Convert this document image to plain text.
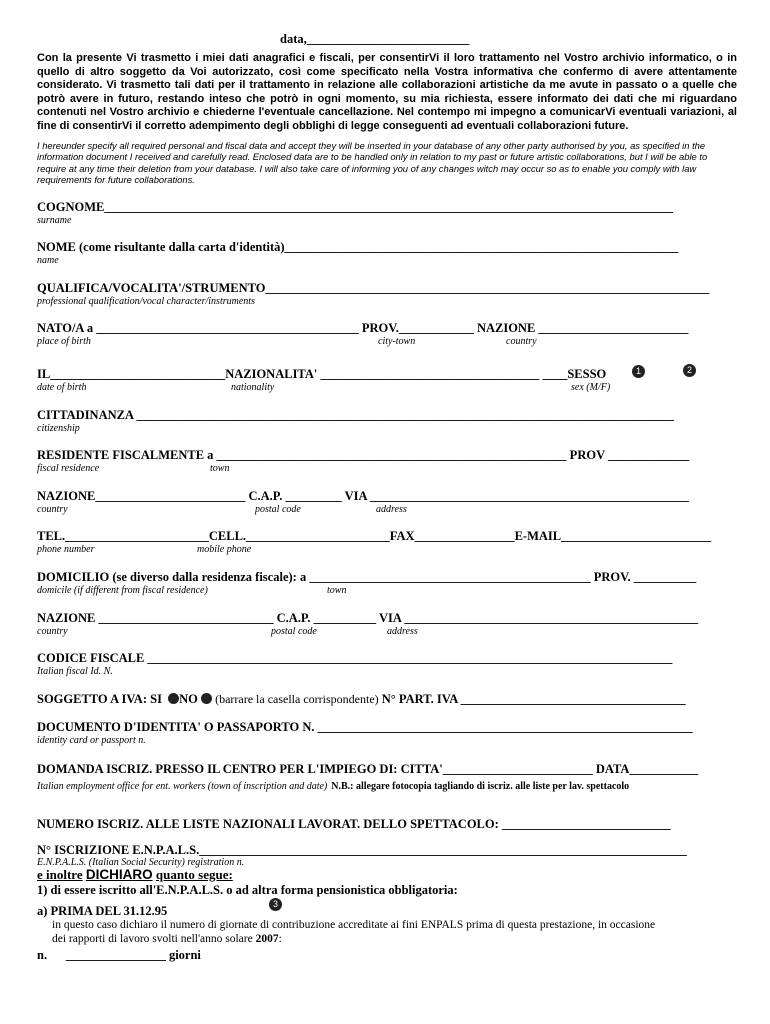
data,__________________________
Con la presente Vi trasmetto i miei dati anagrafici e fiscali, per consentirVi il loro trattamento nel Vostro archivio informatico, o in quello di altro soggetto da Voi autorizzato, così come specificato nella Vostra informativa che confermo di avere attentamente considerato. Vi trasmetto tali dati per il trattamento in relazione alle collaborazioni artistiche da me avute in passato o a quelle che potrò avere in futuro, restando inteso che potrò in ogni momento, su mia richiesta, essere informato dei dati che mi riguardano contenuti nel Vostro archivio e chiederne l'eventuale cancellazione. Nel contempo mi impegno a comunicarVi eventuali variazioni, al fine di consentirVi il corretto adempimento degli obblighi di legge conseguenti ad eventuali collaborazioni future.
I hereunder specify all required personal and fiscal data and accept they will be inserted in your database of any other party authorised by you, as specified in the information document I received and carefully read. Enclosed data are to be handled only in relation to my past or future artistic collaborations, but I will be able to require at any time their deletion from your database. I will also take care of informing you of any changes witch may occur so as to enable you comply with law requirements for future collaborations.
COGNOME___________________________________________________________________________________________
surname
NOME (come risultante dalla carta d'identità)_______________________________________________________________
name
QUALIFICA/VOCALITA'/STRUMENTO_______________________________________________________________________
professional qualification/vocal character/instruments
NATO/A a __________________________________________ PROV.____________ NAZIONE ________________________
place of birth	city-town	country
IL____________________________NAZIONALITA' ___________________________________ ____SESSO	1	2
date of birth	nationality	sex (M/F)
CITTADINANZA ______________________________________________________________________________________
citizenship
RESIDENTE FISCALMENTE a ________________________________________________________ PROV _____________
fiscal residence	town
NAZIONE________________________ C.A.P. _________ VIA ___________________________________________________
country	postal code	address
TEL._______________________CELL._______________________FAX________________E-MAIL________________________
phone number	mobile phone
DOMICILIO (se diverso dalla residenza fiscale): a _____________________________________________ PROV. __________
domicile (if different from fiscal residence)	town
NAZIONE ____________________________ C.A.P. __________ VIA _______________________________________________
country	postal code	address
CODICE FISCALE ____________________________________________________________________________________
Italian fiscal Id. N.
SOGGETTO A IVA: SI NO (barrare la casella corrispondente) N° PART. IVA ____________________________________
DOCUMENTO D'IDENTITA' O PASSAPORTO N. ____________________________________________________________
identity card or passport n.
DOMANDA ISCRIZ. PRESSO IL CENTRO PER L'IMPIEGO DI: CITTA'________________________ DATA___________
Italian employment office for ent. workers (town of inscription and date) N.B.: allegare fotocopia tagliando di iscriz. alle liste per lav. spettacolo
NUMERO ISCRIZ. ALLE LISTE NAZIONALI LAVORAT. DELLO SPETTACOLO: ___________________________
N° ISCRIZIONE E.N.P.A.L.S.______________________________________________________________________________
E.N.P.A.L.S. (Italian Social Security) registration n.
e inoltre DICHIARO quanto segue:
1) di essere iscritto all'E.N.P.A.L.S. o ad altra forma pensionistica obbligatoria:
a) PRIMA DEL 31.12.95	3
in questo caso dichiaro il numero di giornate di contribuzione accreditate ai fini ENPALS prima di questa prestazione, in occasione
dei rapporti di lavoro svolti nell'anno solare 2007:
n.      ________________ giorni
